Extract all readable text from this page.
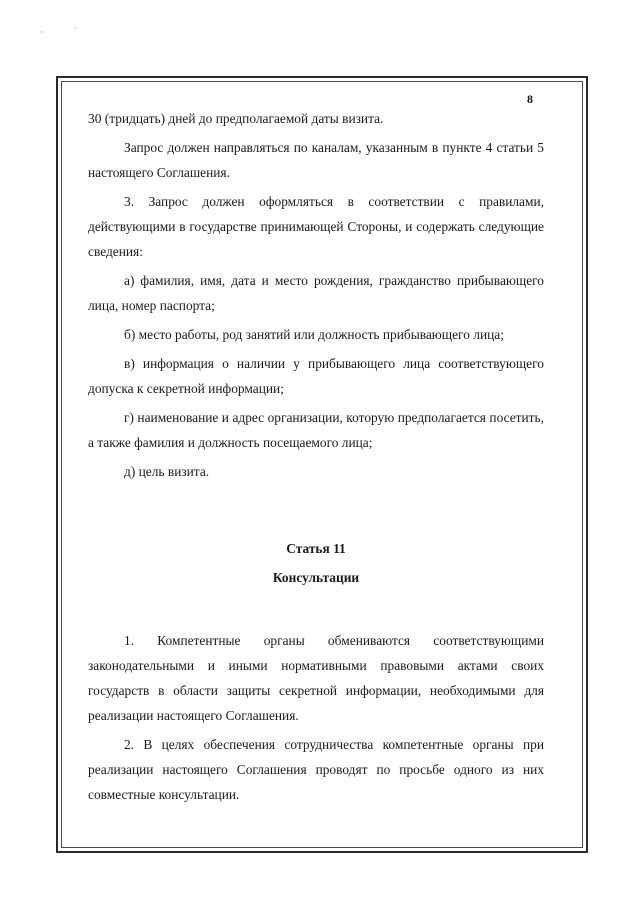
·	·
8

30 (тридцать) дней до предполагаемой даты визита.

Запрос должен направляться по каналам, указанным в пункте 4 статьи 5 настоящего Соглашения.

3. Запрос должен оформляться в соответствии с правилами, действующими в государстве принимающей Стороны, и содержать следующие сведения:

а) фамилия, имя, дата и место рождения, гражданство прибывающего лица, номер паспорта;

б) место работы, род занятий или должность прибывающего лица;

в) информация о наличии у прибывающего лица соответствующего допуска к секретной информации;

г) наименование и адрес организации, которую предполагается посетить, а также фамилия и должность посещаемого лица;

д) цель визита.

Статья 11

Консультации

1. Компетентные органы обмениваются соответствующими законодательными и иными нормативными правовыми актами своих государств в области защиты секретной информации, необходимыми для реализации настоящего Соглашения.

2. В целях обеспечения сотрудничества компетентные органы при реализации настоящего Соглашения проводят по просьбе одного из них совместные консультации.
